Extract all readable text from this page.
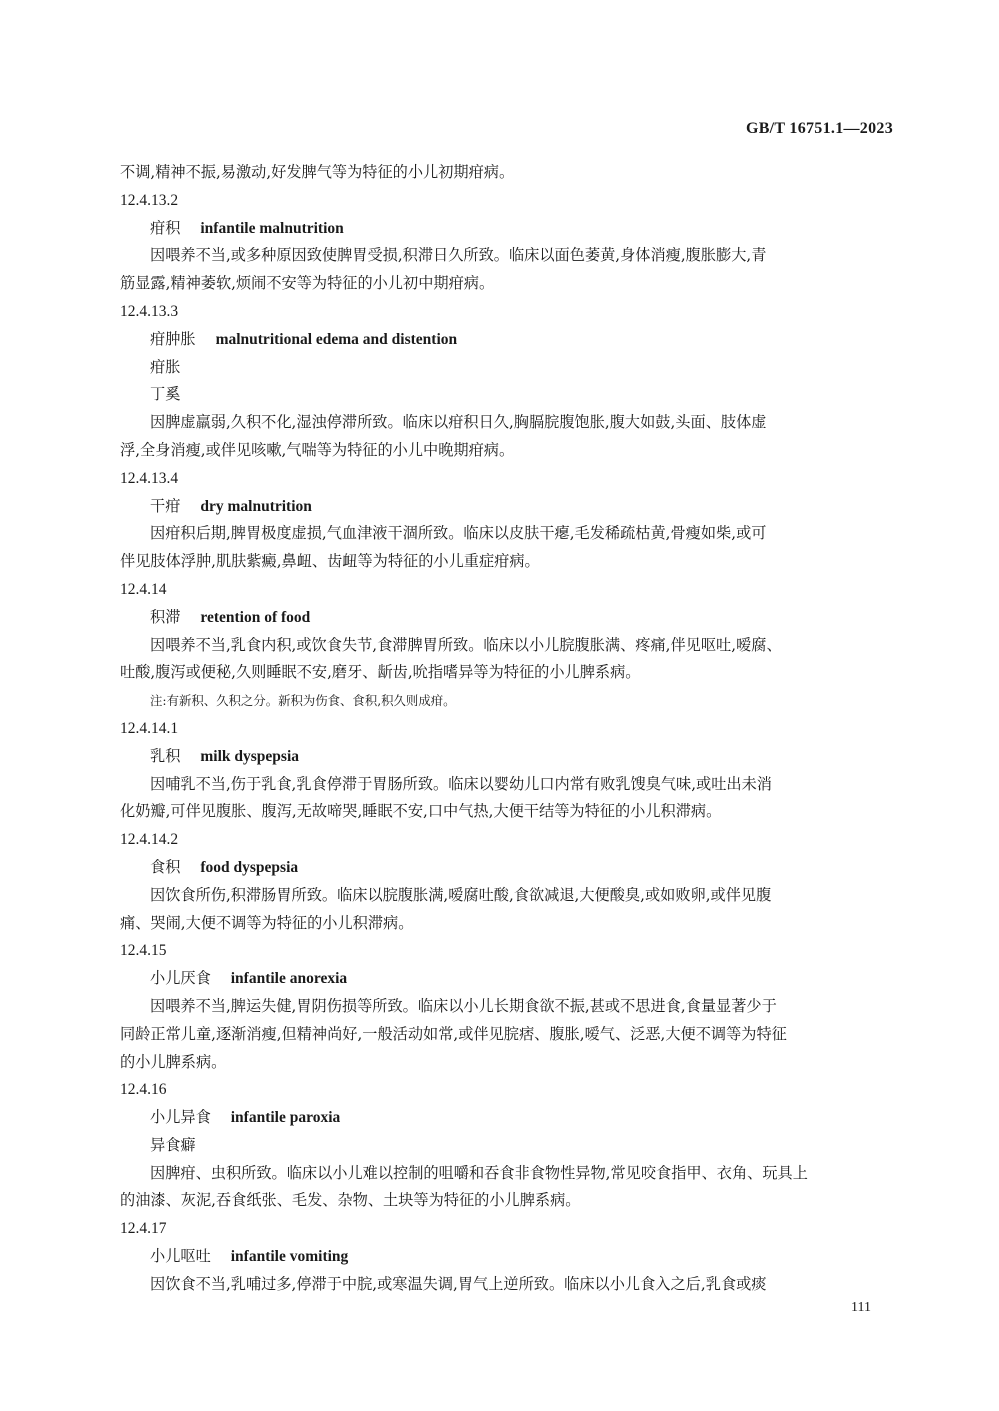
GB/T 16751.1—2023
不调,精神不振,易激动,好发脾气等为特征的小儿初期疳病。
12.4.13.2
疳积 infantile malnutrition
因喂养不当,或多种原因致使脾胃受损,积滞日久所致。临床以面色萎黄,身体消瘦,腹胀膨大,青
筋显露,精神萎软,烦闹不安等为特征的小儿初中期疳病。
12.4.13.3
疳肿胀 malnutritional edema and distention
疳胀
丁奚
因脾虚羸弱,久积不化,湿浊停滞所致。临床以疳积日久,胸膈脘腹饱胀,腹大如鼓,头面、肢体虚
浮,全身消瘦,或伴见咳嗽,气喘等为特征的小儿中晚期疳病。
12.4.13.4
干疳 dry malnutrition
因疳积后期,脾胃极度虚损,气血津液干涸所致。临床以皮肤干瘪,毛发稀疏枯黄,骨瘦如柴,或可
伴见肢体浮肿,肌肤紫癜,鼻衄、齿衄等为特征的小儿重症疳病。
12.4.14
积滞 retention of food
因喂养不当,乳食内积,或饮食失节,食滞脾胃所致。临床以小儿脘腹胀满、疼痛,伴见呕吐,嗳腐、
吐酸,腹泻或便秘,久则睡眠不安,磨牙、龂齿,吮指嗜异等为特征的小儿脾系病。
注:有新积、久积之分。新积为伤食、食积,积久则成疳。
12.4.14.1
乳积 milk dyspepsia
因哺乳不当,伤于乳食,乳食停滞于胃肠所致。临床以婴幼儿口内常有败乳馊臭气味,或吐出未消
化奶瓣,可伴见腹胀、腹泻,无故啼哭,睡眠不安,口中气热,大便干结等为特征的小儿积滞病。
12.4.14.2
食积 food dyspepsia
因饮食所伤,积滞肠胃所致。临床以脘腹胀满,嗳腐吐酸,食欲减退,大便酸臭,或如败卵,或伴见腹
痛、哭闹,大便不调等为特征的小儿积滞病。
12.4.15
小儿厌食 infantile anorexia
因喂养不当,脾运失健,胃阴伤损等所致。临床以小儿长期食欲不振,甚或不思进食,食量显著少于
同龄正常儿童,逐渐消瘦,但精神尚好,一般活动如常,或伴见脘痞、腹胀,嗳气、泛恶,大便不调等为特征
的小儿脾系病。
12.4.16
小儿异食 infantile paroxia
异食癖
因脾疳、虫积所致。临床以小儿难以控制的咀嚼和吞食非食物性异物,常见咬食指甲、衣角、玩具上
的油漆、灰泥,吞食纸张、毛发、杂物、土块等为特征的小儿脾系病。
12.4.17
小儿呕吐 infantile vomiting
因饮食不当,乳哺过多,停滞于中脘,或寒温失调,胃气上逆所致。临床以小儿食入之后,乳食或痰
111
